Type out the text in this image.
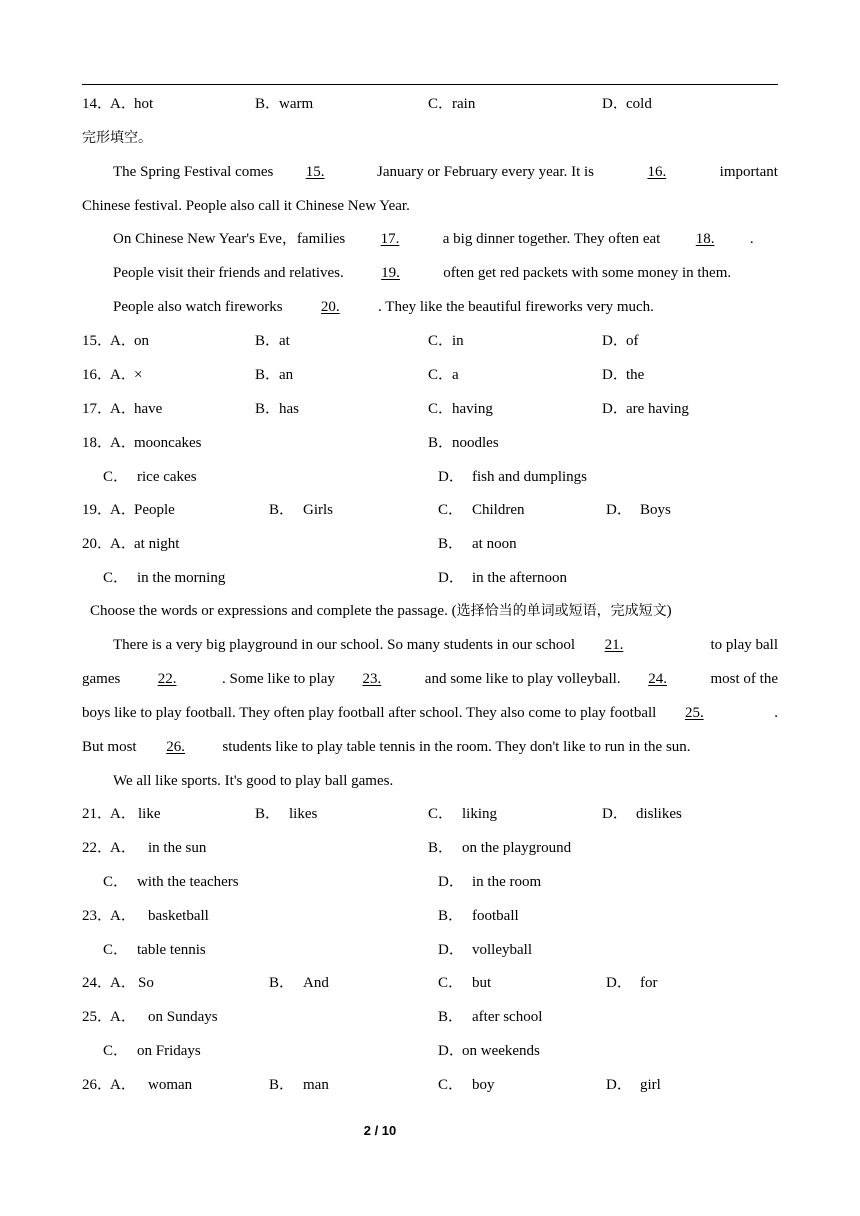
14．
A．hot	B．warm	C．rain	D．cold
完形填空。
The Spring Festival comes 15.	January or February every year. It is	16.	important
Chinese festival. People also call it Chinese New Year.
On Chinese New Year's Eve，families 17.	a big dinner together. They often eat 18. .
People visit their friends and relatives. 19.	often get red packets with some money in them.
People also watch fireworks 20. . They like the beautiful fireworks very much.
15．
A．on	B．at	C．in	D．of
16．
A．×	B．an	C．a	D．the
17．
A．have	B．has	C．having	D．are having
18．
A．mooncakes	B．noodles
C． rice cakes	D． fish and dumplings
19．
A．People	B． Girls	C． Children	D． Boys
20．
A．at night	B． at noon
C． in the morning	D． in the afternoon
Choose the words or expressions and complete the passage. (选择恰当的单词或短语，完成短文)
There is a very big playground in our school. So many students in our school 21.	to play ball
games 22.	. Some like to play 23.	and some like to play volleyball. 24.	most of the
boys like to play football. They often play football after school. They also come to play football 25.	.
But most 26. students like to play table tennis in the room. They don't like to run in the sun.
We all like sports. It's good to play ball games.
21．
A． like	B． likes	C． liking	D． dislikes
22．
A． in the sun	B． on the playground
C． with the teachers	D． in the room
23．
A． basketball	B． football
C． table tennis	D． volleyball
24．
A． So	B． And	C． but	D． for
25．
A． on Sundays	B． after school
C． on Fridays	D．on weekends
26．
A． woman	B． man	C． boy	D． girl
2 / 10
